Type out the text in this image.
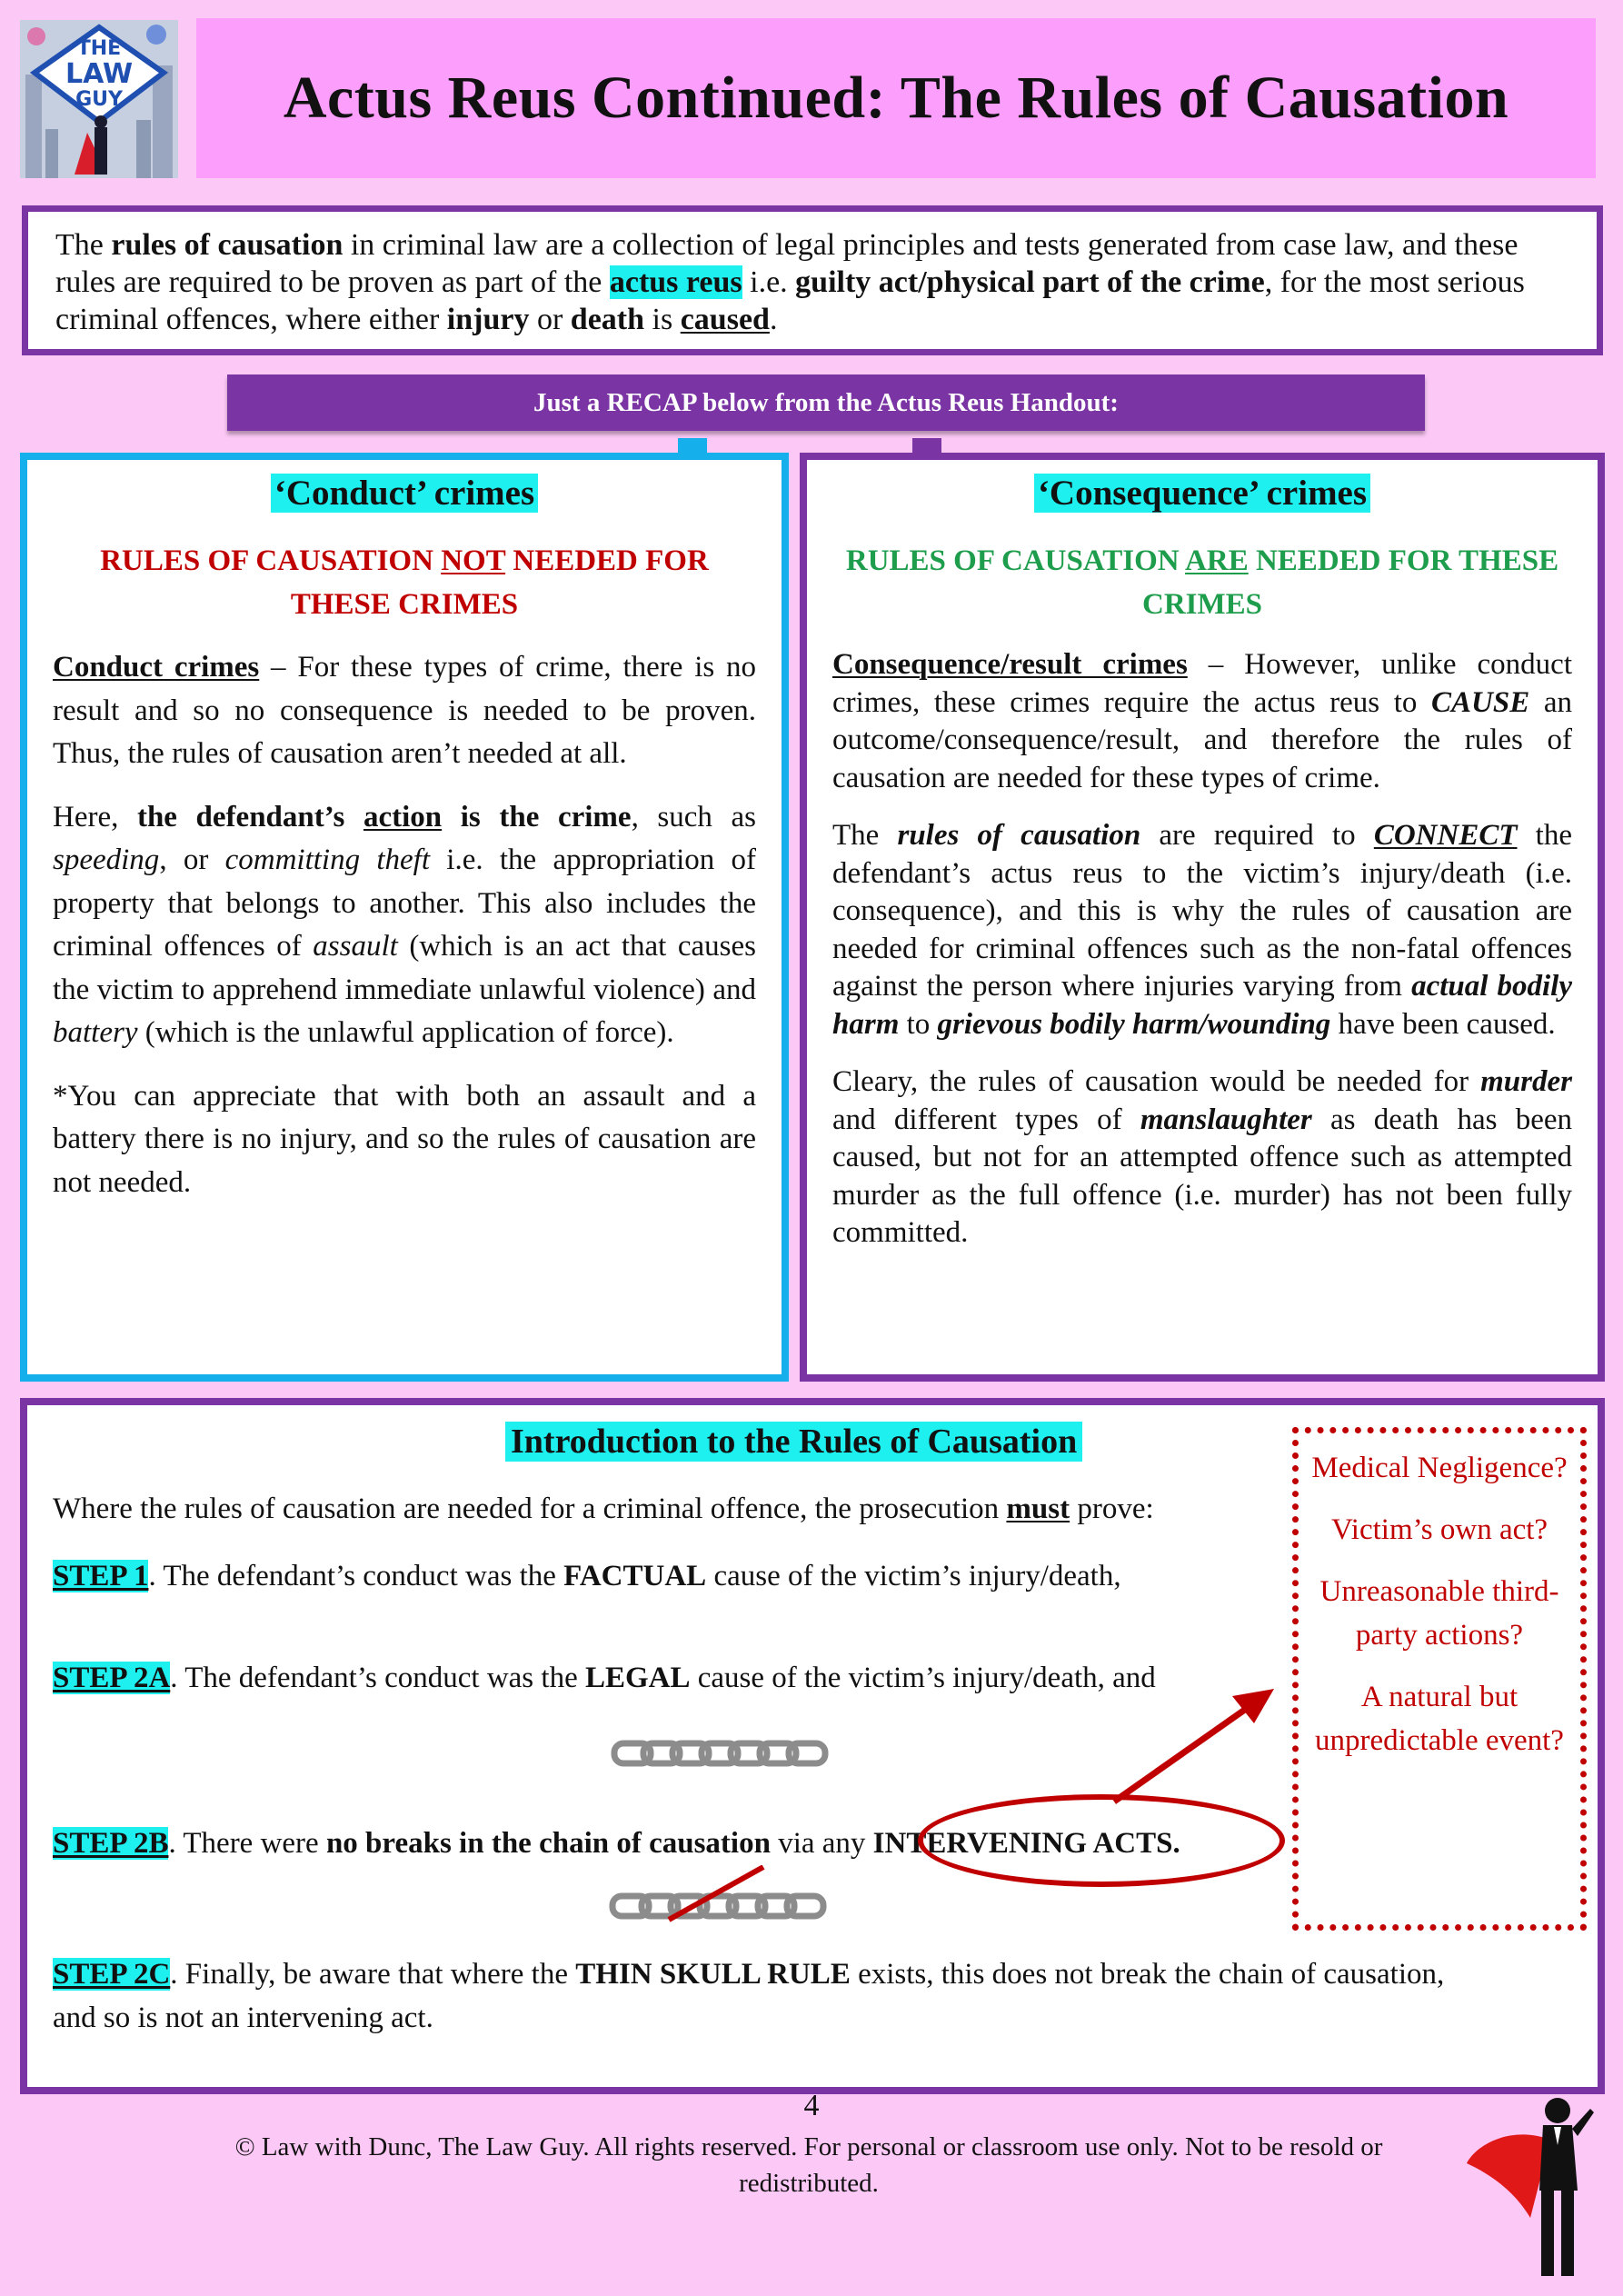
THE
LAW
GUY	Actus Reus Continued: The Rules of Causation
The rules of causation in criminal law are a collection of legal principles and tests generated from case law, and these rules are required to be proven as part of the actus reus i.e. guilty act/physical part of the crime, for the most serious criminal offences, where either injury or death is caused.
Just a RECAP below from the Actus Reus Handout:
‘Conduct’ crimes
RULES OF CAUSATION NOT NEEDED FOR THESE CRIMES

Conduct crimes – For these types of crime, there is no result and so no consequence is needed to be proven. Thus, the rules of causation aren’t needed at all.

Here, the defendant’s action is the crime, such as speeding, or committing theft i.e. the appropriation of property that belongs to another. This also includes the criminal offences of assault (which is an act that causes the victim to apprehend immediate unlawful violence) and battery (which is the unlawful application of force).

*You can appreciate that with both an assault and a battery there is no injury, and so the rules of causation are not needed.

‘Consequence’ crimes
RULES OF CAUSATION ARE NEEDED FOR THESE CRIMES

Consequence/result crimes – However, unlike conduct crimes, these crimes require the actus reus to CAUSE an outcome/consequence/result, and therefore the rules of causation are needed for these types of crime.

The rules of causation are required to CONNECT the defendant’s actus reus to the victim’s injury/death (i.e. consequence), and this is why the rules of causation are needed for criminal offences such as the non-fatal offences against the person where injuries varying from actual bodily harm to grievous bodily harm/wounding have been caused.

Cleary, the rules of causation would be needed for murder and different types of manslaughter as death has been caused, but not for an attempted offence such as attempted murder as the full offence (i.e. murder) has not been fully committed.

Introduction to the Rules of Causation
Where the rules of causation are needed for a criminal offence, the prosecution must prove:
STEP 1. The defendant’s conduct was the FACTUAL cause of the victim’s injury/death,
STEP 2A. The defendant’s conduct was the LEGAL cause of the victim’s injury/death, and
STEP 2B. There were no breaks in the chain of causation via any INTERVENING ACTS.
STEP 2C. Finally, be aware that where the THIN SKULL RULE exists, this does not break the chain of causation,
and so is not an intervening act.
Medical Negligence?
Victim’s own act?
Unreasonable third-party actions?
A natural but unpredictable event?
4
© Law with Dunc, The Law Guy. All rights reserved. For personal or classroom use only. Not to be resold or redistributed.
